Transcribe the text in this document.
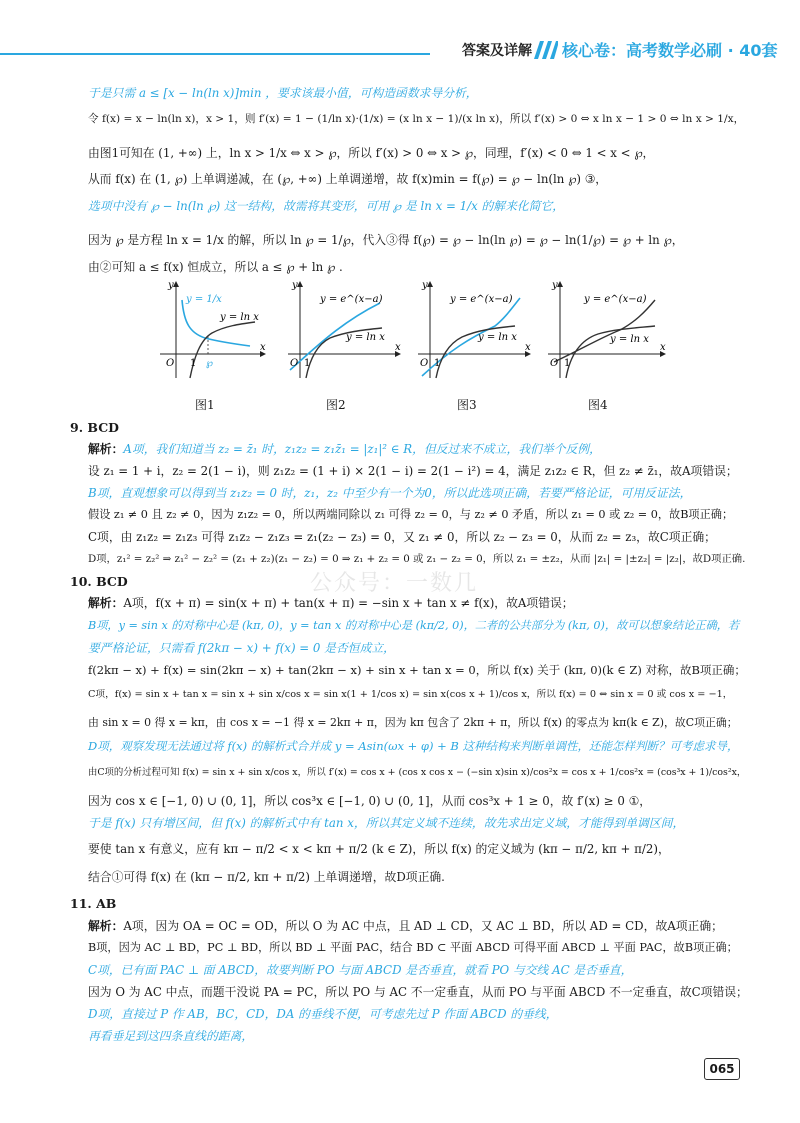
答案及详解 核心卷：高考数学必刷 · 40套
于是只需 a ≤ [x − ln(ln x)]min ，要求该最小值，可构造函数求导分析，
令 f(x) = x − ln(ln x)，x > 1，则 f′(x) = 1 − (1/ln x)·(1/x) = (x ln x − 1)/(x ln x)，所以 f′(x) > 0 ⇔ x ln x − 1 > 0 ⇔ ln x > 1/x，
由图1可知在 (1, +∞) 上，ln x > 1/x ⇔ x > ℘，所以 f′(x) > 0 ⇔ x > ℘，同理，f′(x) < 0 ⇔ 1 < x < ℘，
从而 f(x) 在 (1, ℘) 上单调递减，在 (℘, +∞) 上单调递增，故 f(x)min = f(℘) = ℘ − ln(ln ℘) ③，
选项中没有 ℘ − ln(ln ℘) 这一结构，故需将其变形，可用 ℘ 是 ln x = 1/x 的解来化简它，
因为 ℘ 是方程 ln x = 1/x 的解，所以 ln ℘ = 1/℘，代入③得 f(℘) = ℘ − ln(ln ℘) = ℘ − ln(1/℘) = ℘ + ln ℘，
由②可知 a ≤ f(x) 恒成立，所以 a ≤ ℘ + ln ℘ .
y
x
O 1 ℘
y = 1/x
y = ln x
y
x
O 1
y = e^(x−a)
y = ln x
y
x
O 1
y = e^(x−a)
y = ln x
y
x
O 1
y = e^(x−a)
y = ln x
图1	图2	图3	图4
9. BCD
解析：A项，我们知道当 z₂ = z̄₁ 时，z₁z₂ = z₁z̄₁ = |z₁|² ∈ R，但反过来不成立，我们举个反例，
设 z₁ = 1 + i，z₂ = 2(1 − i)，则 z₁z₂ = (1 + i) × 2(1 − i) = 2(1 − i²) = 4，满足 z₁z₂ ∈ R，但 z₂ ≠ z̄₁，故A项错误；
B项，直观想象可以得到当 z₁z₂ = 0 时，z₁，z₂ 中至少有一个为0，所以此选项正确，若要严格论证，可用反证法，
假设 z₁ ≠ 0 且 z₂ ≠ 0，因为 z₁z₂ = 0，所以两端同除以 z₁ 可得 z₂ = 0，与 z₂ ≠ 0 矛盾，所以 z₁ = 0 或 z₂ = 0，故B项正确；
C项，由 z₁z₂ = z₁z₃ 可得 z₁z₂ − z₁z₃ = z₁(z₂ − z₃) = 0，又 z₁ ≠ 0，所以 z₂ − z₃ = 0，从而 z₂ = z₃，故C项正确；
D项，z₁² = z₂² ⇒ z₁² − z₂² = (z₁ + z₂)(z₁ − z₂) = 0 ⇒ z₁ + z₂ = 0 或 z₁ − z₂ = 0，所以 z₁ = ±z₂，从而 |z₁| = |±z₂| = |z₂|，故D项正确.
公众号：一数几
10. BCD
解析：A项，f(x + π) = sin(x + π) + tan(x + π) = −sin x + tan x ≠ f(x)，故A项错误；
B项，y = sin x 的对称中心是 (kπ, 0)，y = tan x 的对称中心是 (kπ/2, 0)，二者的公共部分为 (kπ, 0)，故可以想象结论正确，若
要严格论证，只需看 f(2kπ − x) + f(x) = 0 是否恒成立，
f(2kπ − x) + f(x) = sin(2kπ − x) + tan(2kπ − x) + sin x + tan x = 0，所以 f(x) 关于 (kπ, 0)(k ∈ Z) 对称，故B项正确；
C项，f(x) = sin x + tan x = sin x + sin x/cos x = sin x(1 + 1/cos x) = sin x(cos x + 1)/cos x，所以 f(x) = 0 ⇔ sin x = 0 或 cos x = −1，
由 sin x = 0 得 x = kπ，由 cos x = −1 得 x = 2kπ + π，因为 kπ 包含了 2kπ + π，所以 f(x) 的零点为 kπ(k ∈ Z)，故C项正确；
D项，观察发现无法通过将 f(x) 的解析式合并成 y = Asin(ωx + φ) + B 这种结构来判断单调性，还能怎样判断？可考虑求导，
由C项的分析过程可知 f(x) = sin x + sin x/cos x，所以 f′(x) = cos x + (cos x cos x − (−sin x)sin x)/cos²x = cos x + 1/cos²x = (cos³x + 1)/cos²x，
因为 cos x ∈ [−1, 0) ∪ (0, 1]，所以 cos³x ∈ [−1, 0) ∪ (0, 1]，从而 cos³x + 1 ≥ 0，故 f′(x) ≥ 0 ①，
于是 f(x) 只有增区间，但 f(x) 的解析式中有 tan x，所以其定义域不连续，故先求出定义域，才能得到单调区间，
要使 tan x 有意义，应有 kπ − π/2 < x < kπ + π/2 (k ∈ Z)，所以 f(x) 的定义域为 (kπ − π/2, kπ + π/2)，
结合①可得 f(x) 在 (kπ − π/2, kπ + π/2) 上单调递增，故D项正确.
11. AB
解析：A项，因为 OA = OC = OD，所以 O 为 AC 中点，且 AD ⊥ CD，又 AC ⊥ BD，所以 AD = CD，故A项正确；
B项，因为 AC ⊥ BD，PC ⊥ BD，所以 BD ⊥ 平面 PAC，结合 BD ⊂ 平面 ABCD 可得平面 ABCD ⊥ 平面 PAC，故B项正确；
C项，已有面 PAC ⊥ 面 ABCD，故要判断 PO 与面 ABCD 是否垂直，就看 PO 与交线 AC 是否垂直，
因为 O 为 AC 中点，而题干没说 PA = PC，所以 PO 与 AC 不一定垂直，从而 PO 与平面 ABCD 不一定垂直，故C项错误；
D项，直接过 P 作 AB，BC，CD，DA 的垂线不便，可考虑先过 P 作面 ABCD 的垂线，
再看垂足到这四条直线的距离，
065
